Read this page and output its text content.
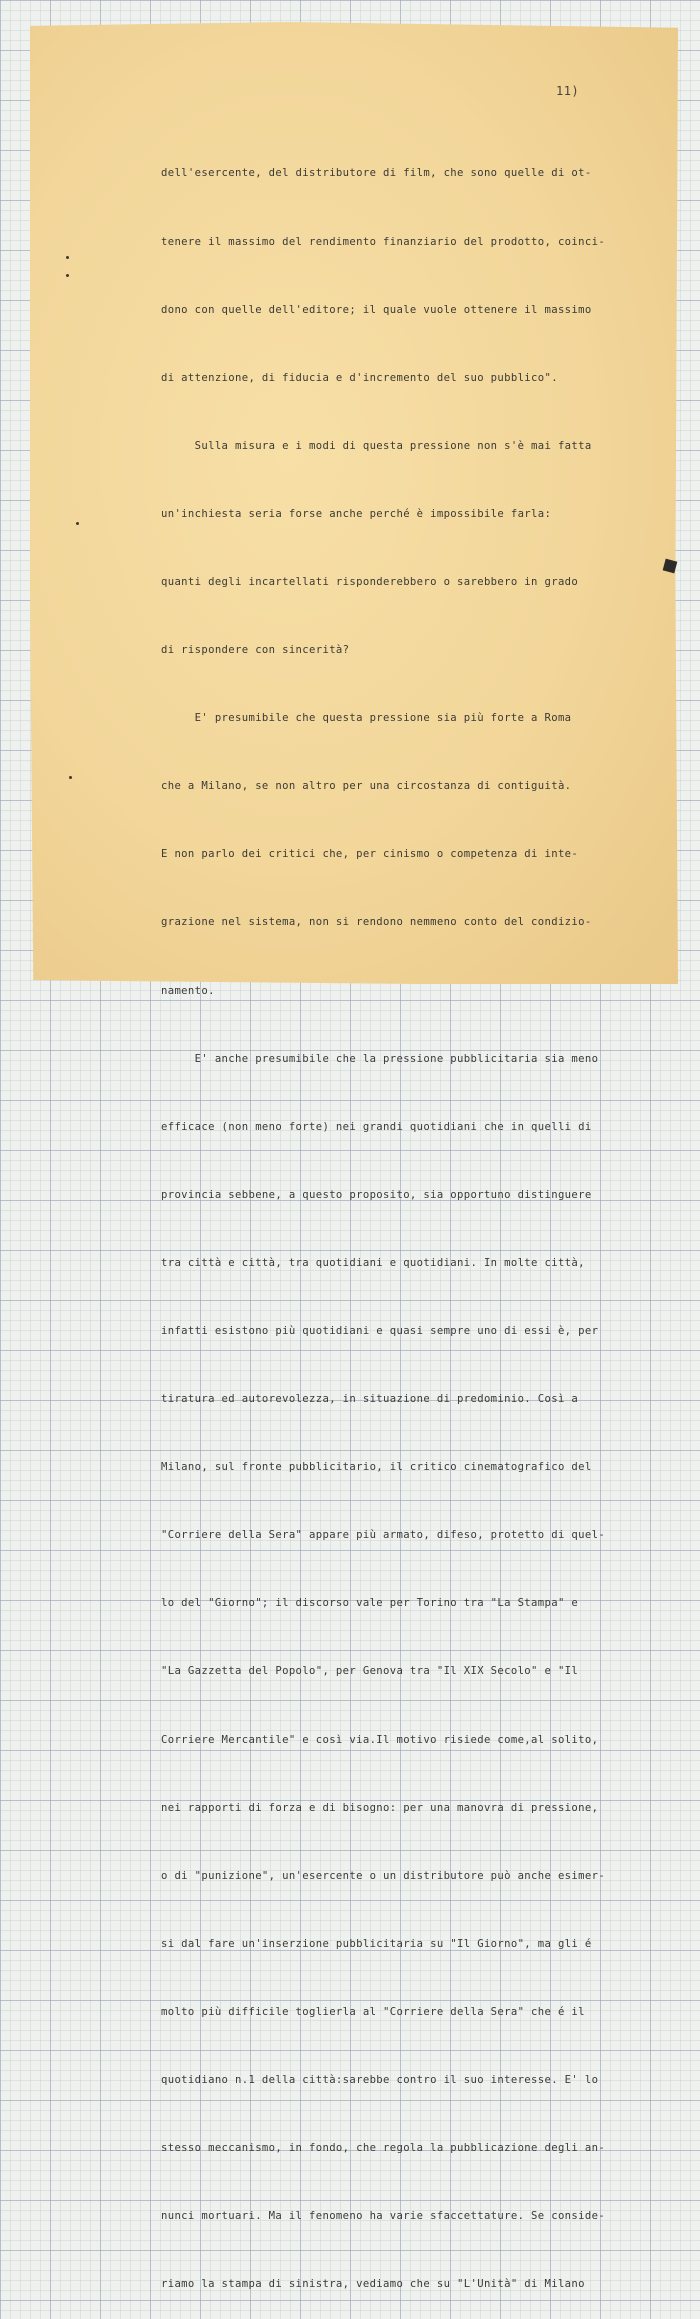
11)

dell'esercente, del distributore di film, che sono quelle di ot-

tenere il massimo del rendimento finanziario del prodotto, coinci-

dono con quelle dell'editore; il quale vuole ottenere il massimo

di attenzione, di fiducia e d'incremento del suo pubblico".

Sulla misura e i modi di questa pressione non s'è mai fatta

un'inchiesta seria forse anche perché è impossibile farla:

quanti degli incartellati risponderebbero o sarebbero in grado

di rispondere con sincerità?

E' presumibile che questa pressione sia più forte a Roma

che a Milano, se non altro per una circostanza di contiguità.

E non parlo dei critici che, per cinismo o competenza di inte-

grazione nel sistema, non si rendono nemmeno conto del condizio-

namento.

E' anche presumibile che la pressione pubblicitaria sia meno

efficace (non meno forte) nei grandi quotidiani che in quelli di

provincia sebbene, a questo proposito, sia opportuno distinguere

tra città e città, tra quotidiani e quotidiani. In molte città,

infatti esistono più quotidiani e quasi sempre uno di essi è, per

tiratura ed autorevolezza, in situazione di predominio. Così a

Milano, sul fronte pubblicitario, il critico cinematografico del

"Corriere della Sera" appare più armato, difeso, protetto di quel-

lo del "Giorno"; il discorso vale per Torino tra "La Stampa" e

"La Gazzetta del Popolo", per Genova tra "Il XIX Secolo" e "Il

Corriere Mercantile" e così via.Il motivo risiede come,al solito,

nei rapporti di forza e di bisogno: per una manovra di pressione,

o di "punizione", un'esercente o un distributore può anche esimer-

si dal fare un'inserzione pubblicitaria su "Il Giorno", ma gli é

molto più difficile toglierla al "Corriere della Sera" che é il

quotidiano n.1 della città:sarebbe contro il suo interesse. E' lo

stesso meccanismo, in fondo, che regola la pubblicazione degli an-

nunci mortuari. Ma il fenomeno ha varie sfaccettature. Se conside-

riamo la stampa di sinistra, vediamo che su "L'Unità" di Milano
